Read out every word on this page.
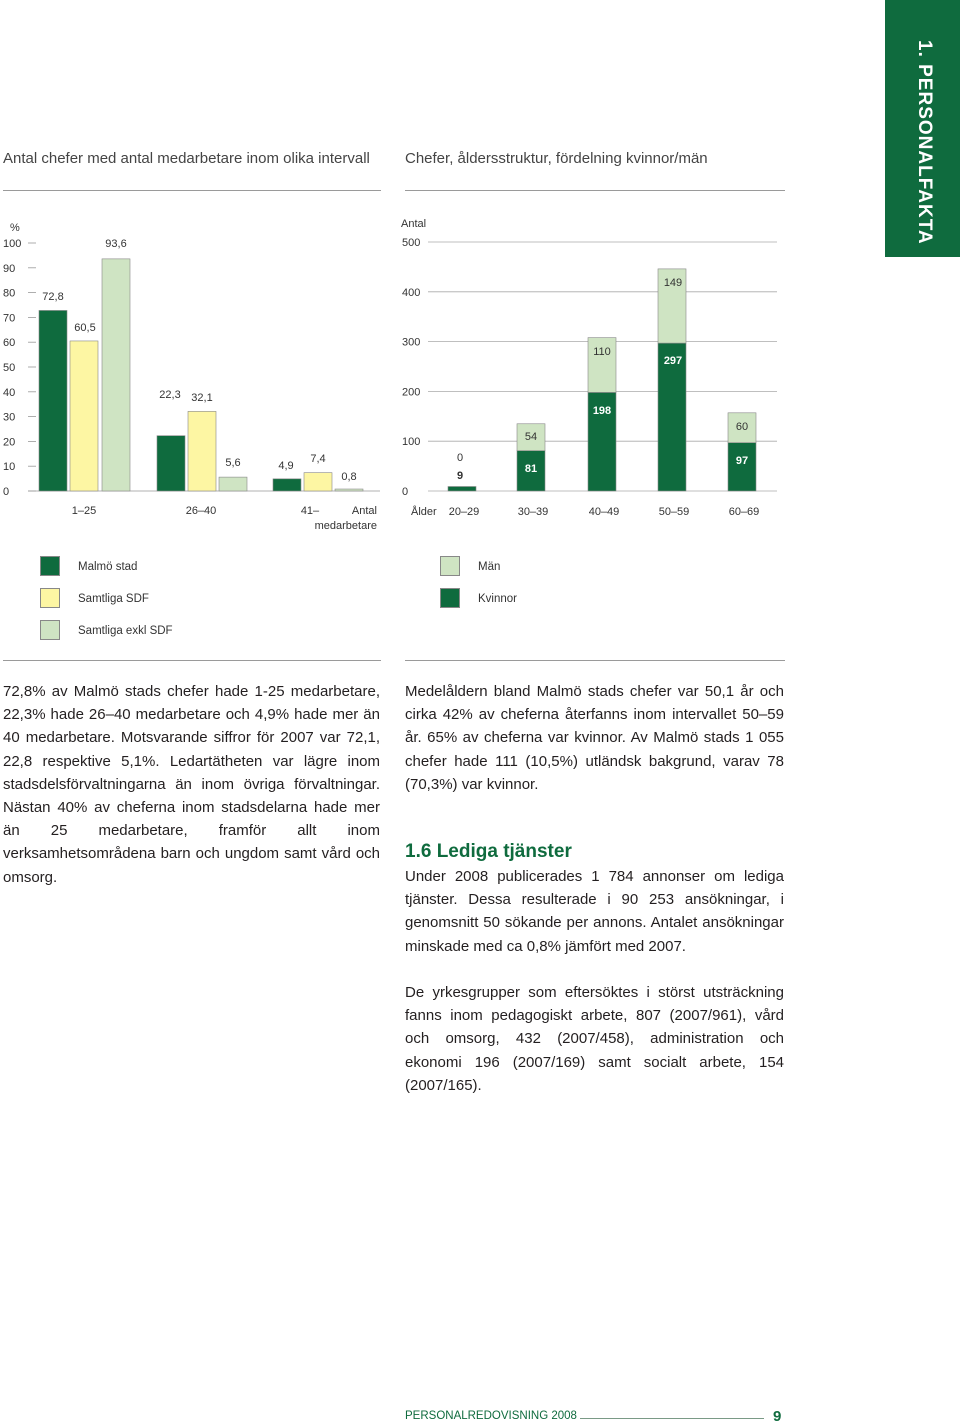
1. PERSONALFAKTA
Antal chefer med antal medarbetare inom olika intervall Chefer, åldersstruktur, fördelning kvinnor/män
%
100
90
80
70
60
50
40
30
20
10
0
72,8
60,5
93,6
22,3 32,1
5,6	4,9
7,4
0,8
1–25	26–40	41–	Antal
medarbetare
Antal
500
400
300
200
100
0
0
54
110
149
60
9
81
198
297
97
Ålder 20–29	30–39	40–49	50–59	60–69
Malmö stad
Samtliga SDF
Samtliga exkl SDF
Män
Kvinnor

72,8% av Malmö stads chefer hade 1-25 medarbetare, 22,3% hade 26–40 medarbetare och 4,9% hade mer än 40 medarbetare. Motsvarande siffror för 2007 var 72,1, 22,8 respektive 5,1%. Ledartätheten var lägre inom stadsdelsförvaltningarna än inom övriga förvaltningar. Nästan 40% av cheferna inom stadsdelarna hade mer än 25 medarbetare, framför allt inom verksamhetsområdena barn och ungdom samt vård och omsorg.

Medelåldern bland Malmö stads chefer var 50,1 år och cirka 42% av cheferna återfanns inom intervallet 50–59 år. 65% av cheferna var kvinnor. Av Malmö stads 1 055 chefer hade 111 (10,5%) utländsk bakgrund, varav 78 (70,3%) var kvinnor.

1.6 Lediga tjänster

Under 2008 publicerades 1 784 annonser om lediga tjänster. Dessa resulterade i 90 253 ansökningar, i genomsnitt 50 sökande per annons. Antalet ansökningar minskade med ca 0,8% jämfört med 2007.

De yrkesgrupper som eftersöktes i störst utsträckning fanns inom pedagogiskt arbete, 807 (2007/961), vård och omsorg, 432 (2007/458), administration och ekonomi 196 (2007/169) samt socialt arbete, 154 (2007/165).

PERSONALREDOVISNING 2008	9
